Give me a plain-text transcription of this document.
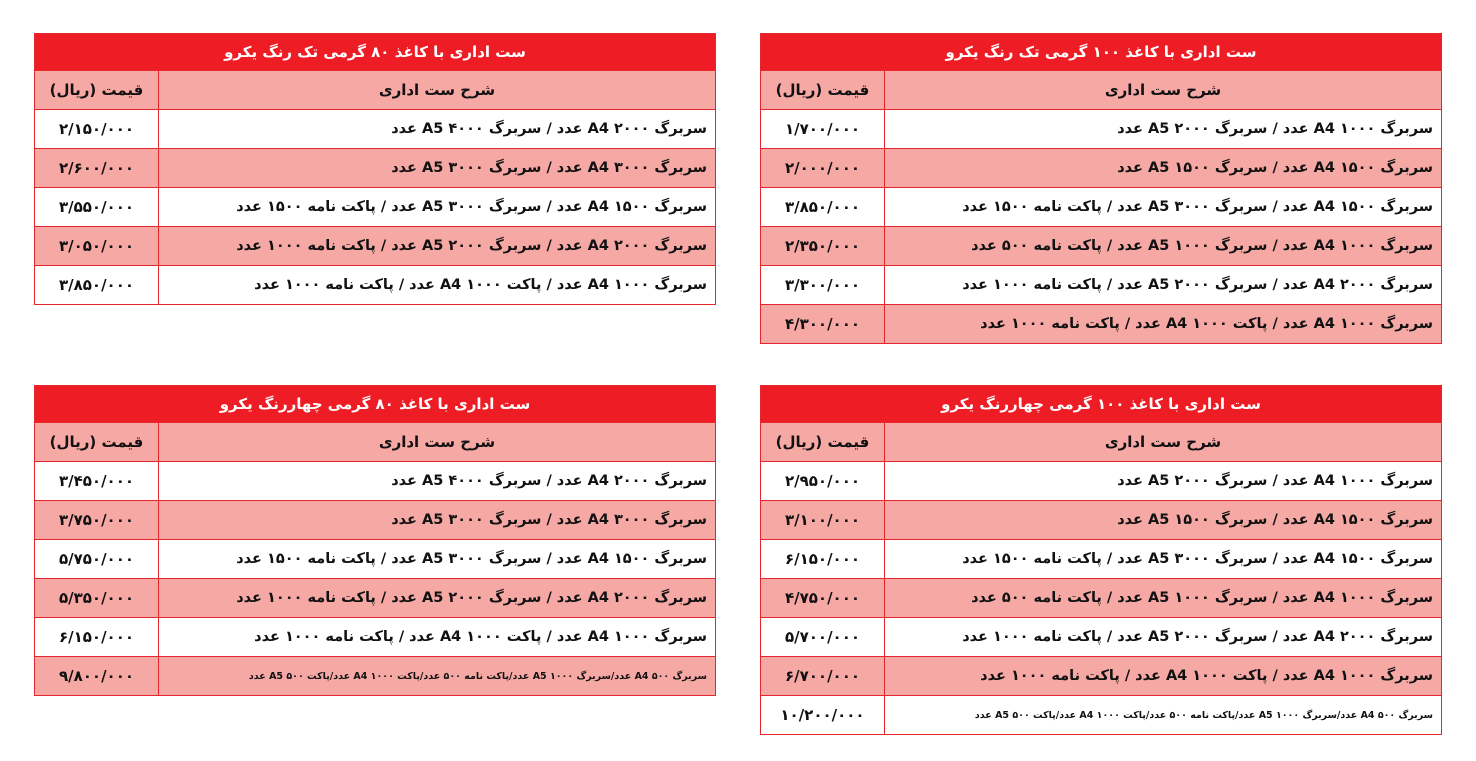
ست اداری با کاغذ ۸۰ گرمی تک رنگ یکرو	
قیمت (ریال)	شرح ست اداری
۲/۱۵۰/۰۰۰	سربرگ A4 ۲۰۰۰ عدد / سربرگ A5 ۴۰۰۰ عدد
۲/۶۰۰/۰۰۰	سربرگ A4 ۳۰۰۰ عدد / سربرگ A5 ۳۰۰۰ عدد
۳/۵۵۰/۰۰۰	سربرگ A4 ۱۵۰۰ عدد / سربرگ A5 ۳۰۰۰ عدد / پاکت نامه ۱۵۰۰ عدد
۳/۰۵۰/۰۰۰	سربرگ A4 ۲۰۰۰ عدد / سربرگ A5 ۲۰۰۰ عدد / پاکت نامه ۱۰۰۰ عدد
۳/۸۵۰/۰۰۰	سربرگ A4 ۱۰۰۰ عدد / پاکت A4 ۱۰۰۰ عدد / پاکت نامه ۱۰۰۰ عدد
ست اداری با کاغذ ۱۰۰ گرمی تک رنگ یکرو	
قیمت (ریال)	شرح ست اداری
۱/۷۰۰/۰۰۰	سربرگ A4 ۱۰۰۰ عدد / سربرگ A5 ۲۰۰۰ عدد
۲/۰۰۰/۰۰۰	سربرگ A4 ۱۵۰۰ عدد / سربرگ A5 ۱۵۰۰ عدد
۳/۸۵۰/۰۰۰	سربرگ A4 ۱۵۰۰ عدد / سربرگ A5 ۳۰۰۰ عدد / پاکت نامه ۱۵۰۰ عدد
۲/۳۵۰/۰۰۰	سربرگ A4 ۱۰۰۰ عدد / سربرگ A5 ۱۰۰۰ عدد / پاکت نامه ۵۰۰ عدد
۳/۳۰۰/۰۰۰	سربرگ A4 ۲۰۰۰ عدد / سربرگ A5 ۲۰۰۰ عدد / پاکت نامه ۱۰۰۰ عدد
۴/۳۰۰/۰۰۰	سربرگ A4 ۱۰۰۰ عدد / پاکت A4 ۱۰۰۰ عدد / پاکت نامه ۱۰۰۰ عدد
ست اداری با کاغذ ۸۰ گرمی چهاررنگ یکرو	
قیمت (ریال)	شرح ست اداری
۳/۴۵۰/۰۰۰	سربرگ A4 ۲۰۰۰ عدد / سربرگ A5 ۴۰۰۰ عدد
۳/۷۵۰/۰۰۰	سربرگ A4 ۳۰۰۰ عدد / سربرگ A5 ۳۰۰۰ عدد
۵/۷۵۰/۰۰۰	سربرگ A4 ۱۵۰۰ عدد / سربرگ A5 ۳۰۰۰ عدد / پاکت نامه ۱۵۰۰ عدد
۵/۳۵۰/۰۰۰	سربرگ A4 ۲۰۰۰ عدد / سربرگ A5 ۲۰۰۰ عدد / پاکت نامه ۱۰۰۰ عدد
۶/۱۵۰/۰۰۰	سربرگ A4 ۱۰۰۰ عدد / پاکت A4 ۱۰۰۰ عدد / پاکت نامه ۱۰۰۰ عدد
۹/۸۰۰/۰۰۰	سربرگ A4 ۵۰۰ عدد/سربرگ A5 ۱۰۰۰ عدد/پاکت نامه ۵۰۰ عدد/پاکت A4 ۱۰۰۰ عدد/پاکت A5 ۵۰۰ عدد
ست اداری با کاغذ ۱۰۰ گرمی چهاررنگ یکرو	
قیمت (ریال)	شرح ست اداری
۲/۹۵۰/۰۰۰	سربرگ A4 ۱۰۰۰ عدد / سربرگ A5 ۲۰۰۰ عدد
۳/۱۰۰/۰۰۰	سربرگ A4 ۱۵۰۰ عدد / سربرگ A5 ۱۵۰۰ عدد
۶/۱۵۰/۰۰۰	سربرگ A4 ۱۵۰۰ عدد / سربرگ A5 ۳۰۰۰ عدد / پاکت نامه ۱۵۰۰ عدد
۴/۷۵۰/۰۰۰	سربرگ A4 ۱۰۰۰ عدد / سربرگ A5 ۱۰۰۰ عدد / پاکت نامه ۵۰۰ عدد
۵/۷۰۰/۰۰۰	سربرگ A4 ۲۰۰۰ عدد / سربرگ A5 ۲۰۰۰ عدد / پاکت نامه ۱۰۰۰ عدد
۶/۷۰۰/۰۰۰	سربرگ A4 ۱۰۰۰ عدد / پاکت A4 ۱۰۰۰ عدد / پاکت نامه ۱۰۰۰ عدد
۱۰/۲۰۰/۰۰۰	سربرگ A4 ۵۰۰ عدد/سربرگ A5 ۱۰۰۰ عدد/پاکت نامه ۵۰۰ عدد/پاکت A4 ۱۰۰۰ عدد/پاکت A5 ۵۰۰ عدد
